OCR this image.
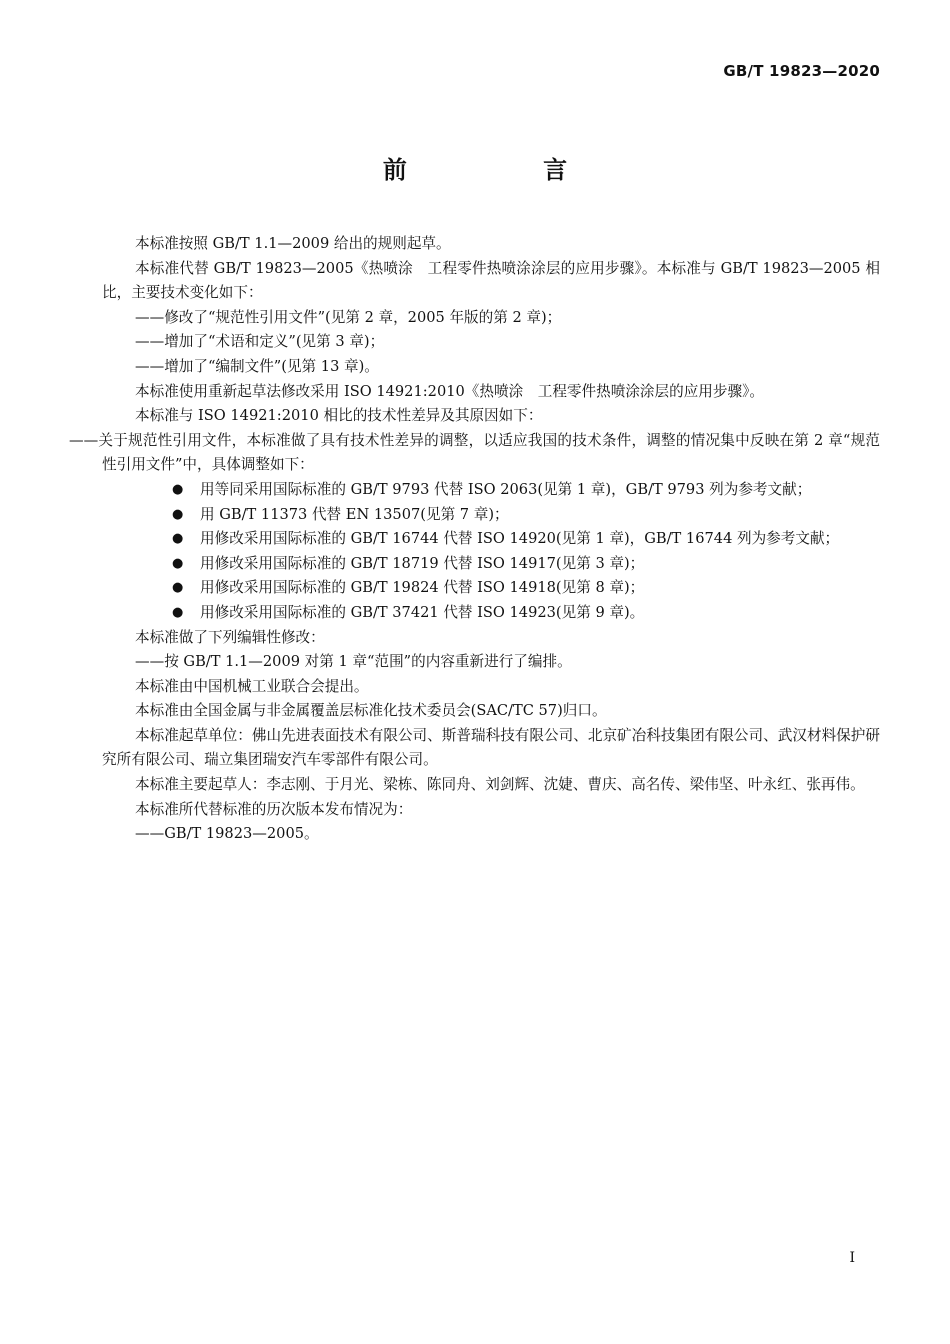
GB/T 19823—2020
前 言

本标准按照 GB/T 1.1—2009 给出的规则起草。

本标准代替 GB/T 19823—2005《热喷涂　工程零件热喷涂涂层的应用步骤》。本标准与 GB/T 19823—2005 相比，主要技术变化如下：

——修改了“规范性引用文件”(见第 2 章，2005 年版的第 2 章)；

——增加了“术语和定义”(见第 3 章)；

——增加了“编制文件”(见第 13 章)。

本标准使用重新起草法修改采用 ISO 14921:2010《热喷涂　工程零件热喷涂涂层的应用步骤》。

本标准与 ISO 14921:2010 相比的技术性差异及其原因如下：

——关于规范性引用文件，本标准做了具有技术性差异的调整，以适应我国的技术条件，调整的情况集中反映在第 2 章“规范性引用文件”中，具体调整如下：

● 用等同采用国际标准的 GB/T 9793 代替 ISO 2063(见第 1 章)，GB/T 9793 列为参考文献；
● 用 GB/T 11373 代替 EN 13507(见第 7 章)；
● 用修改采用国际标准的 GB/T 16744 代替 ISO 14920(见第 1 章)，GB/T 16744 列为参考文献；
● 用修改采用国际标准的 GB/T 18719 代替 ISO 14917(见第 3 章)；
● 用修改采用国际标准的 GB/T 19824 代替 ISO 14918(见第 8 章)；
● 用修改采用国际标准的 GB/T 37421 代替 ISO 14923(见第 9 章)。

本标准做了下列编辑性修改：

——按 GB/T 1.1—2009 对第 1 章“范围”的内容重新进行了编排。

本标准由中国机械工业联合会提出。

本标准由全国金属与非金属覆盖层标准化技术委员会(SAC/TC 57)归口。

本标准起草单位：佛山先进表面技术有限公司、斯普瑞科技有限公司、北京矿冶科技集团有限公司、武汉材料保护研究所有限公司、瑞立集团瑞安汽车零部件有限公司。

本标准主要起草人：李志刚、于月光、梁栋、陈同舟、刘剑辉、沈婕、曹庆、高名传、梁伟坚、叶永红、张再伟。

本标准所代替标准的历次版本发布情况为：

——GB/T 19823—2005。

I
